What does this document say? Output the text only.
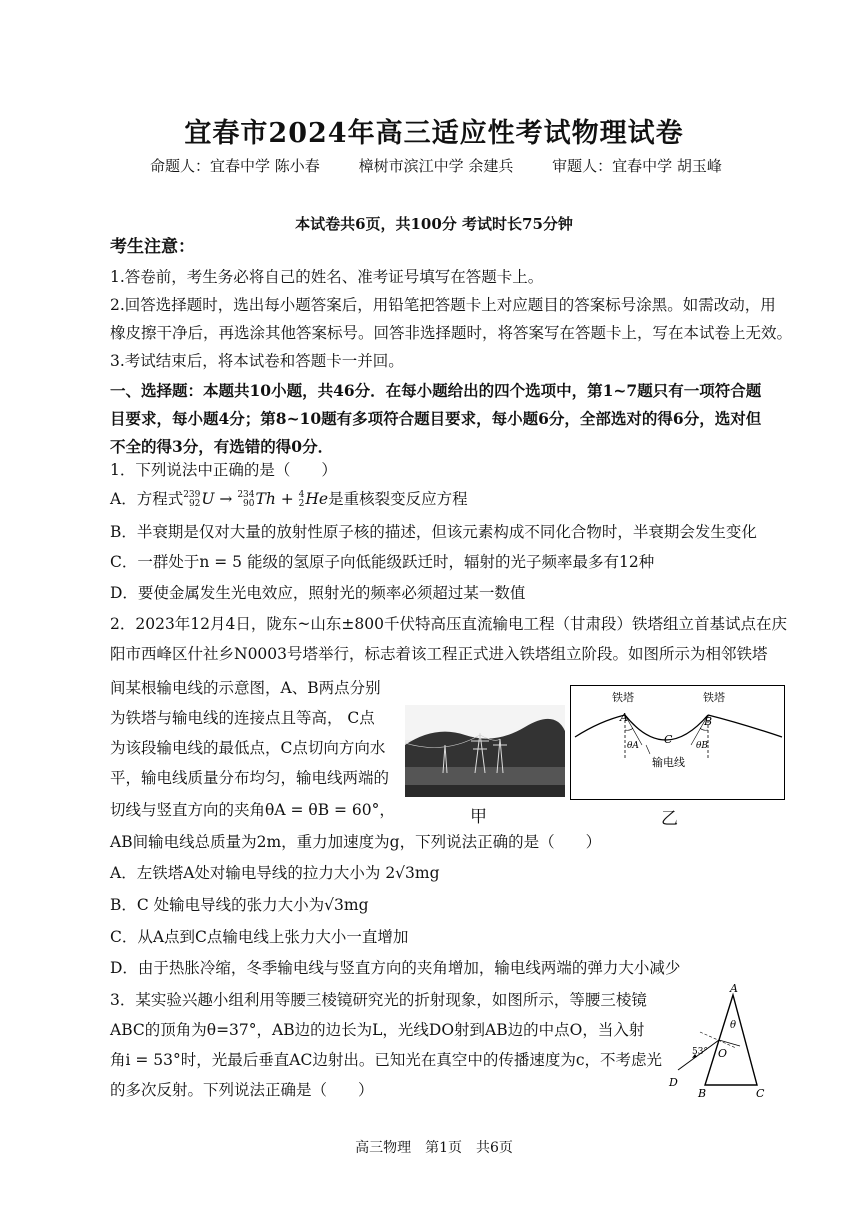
宜春市2024年高三适应性考试物理试卷
命题人：宜春中学 陈小春	樟树市滨江中学 余建兵	审题人：宜春中学 胡玉峰
本试卷共6页，共100分 考试时长75分钟
考生注意：
1.答卷前，考生务必将自己的姓名、准考证号填写在答题卡上。
2.回答选择题时，选出每小题答案后，用铅笔把答题卡上对应题目的答案标号涂黑。如需改动，用
橡皮擦干净后，再选涂其他答案标号。回答非选择题时，将答案写在答题卡上，写在本试卷上无效。
3.考试结束后，将本试卷和答题卡一并回。
一、选择题：本题共10小题，共46分．在每小题给出的四个选项中，第1~7题只有一项符合题
目要求，每小题4分；第8~10题有多项符合题目要求，每小题6分，全部选对的得6分，选对但
不全的得3分，有选错的得0分．
1．下列说法中正确的是（　　）
A．方程式239
92U → 234
90Th + 4
2He是重核裂变反应方程
B．半衰期是仅对大量的放射性原子核的描述，但该元素构成不同化合物时，半衰期会发生变化
C．一群处于n = 5 能级的氢原子向低能级跃迁时，辐射的光子频率最多有12种
D．要使金属发生光电效应，照射光的频率必须超过某一数值
2．2023年12月4日，陇东~山东±800千伏特高压直流输电工程（甘肃段）铁塔组立首基试点在庆
阳市西峰区什社乡N0003号塔举行，标志着该工程正式进入铁塔组立阶段。如图所示为相邻铁塔
间某根输电线的示意图，A、B两点分别
为铁塔与输电线的连接点且等高， C点
为该段输电线的最低点，C点切向方向水
平，输电线质量分布均匀，输电线两端的
切线与竖直方向的夹角θA = θB = 60°，
AB间输电线总质量为2m，重力加速度为g，下列说法正确的是（　　）
甲
铁塔	铁塔
A	B
C
θA	θB
输电线
乙
A．左铁塔A处对输电导线的拉力大小为 2√3mg
B．C 处输电导线的张力大小为√3mg
C．从A点到C点输电线上张力大小一直增加
D．由于热胀冷缩，冬季输电线与竖直方向的夹角增加，输电线两端的弹力大小减少
3．某实验兴趣小组利用等腰三棱镜研究光的折射现象，如图所示，等腰三棱镜
ABC的顶角为θ=37°，AB边的边长为L，光线DO射到AB边的中点O，当入射
角i = 53°时，光最后垂直AC边射出。已知光在真空中的传播速度为c，不考虑光
的多次反射。下列说法正确是（　　）
A
B	C
D
O
θ
53°
高三物理　第1页　共6页
